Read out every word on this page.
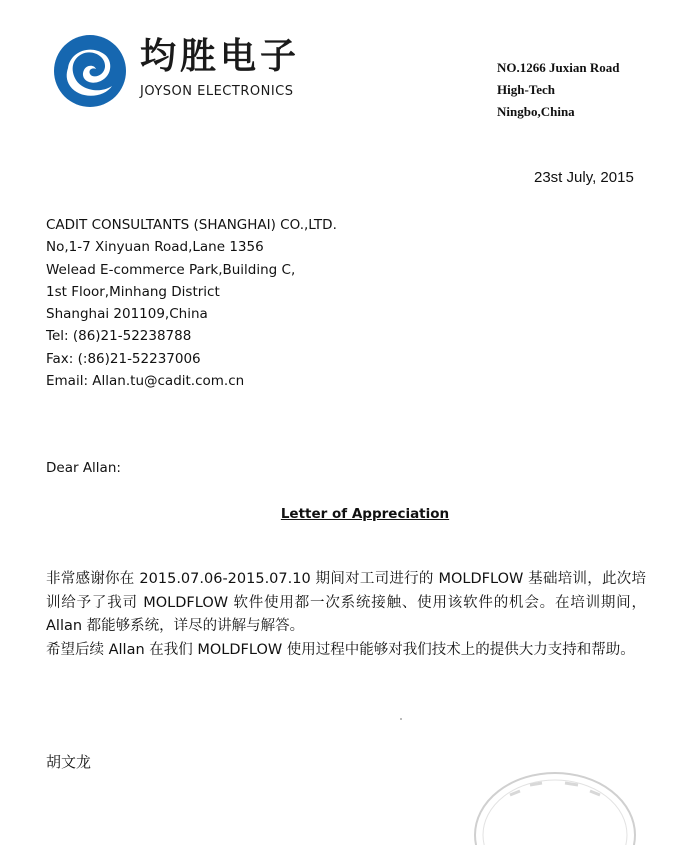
均胜电子
JOYSON ELECTRONICS
NO.1266 Juxian Road
High-Tech
Ningbo,China
23st July, 2015
CADIT CONSULTANTS (SHANGHAI) CO.,LTD.
No,1-7 Xinyuan Road,Lane 1356
Welead E-commerce Park,Building C,
1st Floor,Minhang District
Shanghai 201109,China
Tel: (86)21-52238788
Fax: (:86)21-52237006
Email: Allan.tu@cadit.com.cn
Dear Allan:
Letter of Appreciation

非常感谢你在 2015.07.06-2015.07.10 期间对工司进行的 MOLDFLOW 基础培训，此次培训给予了我司 MOLDFLOW 软件使用都一次系统接触、使用该软件的机会。在培训期间，Allan 都能够系统，详尽的讲解与解答。

希望后续 Allan 在我们 MOLDFLOW 使用过程中能够对我们技术上的提供大力支持和帮助。

胡文龙
